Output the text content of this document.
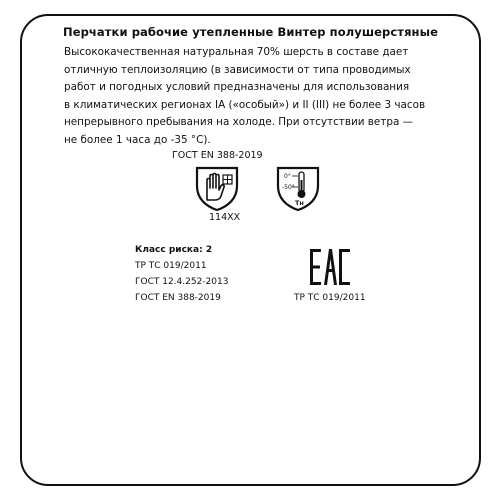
Перчатки рабочие утепленные Винтер полушерстяные
Высококачественная натуральная 70% шерсть в составе дает
отличную теплоизоляцию (в зависимости от типа проводимых
работ и погодных условий предназначены для использования
в климатических регионах IA («особый») и II (III) не более 3 часов
непрерывного пребывания на холоде. При отсутствии ветра —
не более 1 часа до -35 °С).
ГОСТ EN 388-2019
114XX
0°
-50°
Tн
Класс риска: 2
ТР ТС 019/2011
ГОСТ 12.4.252-2013
ГОСТ EN 388-2019	ТР ТС 019/2011
